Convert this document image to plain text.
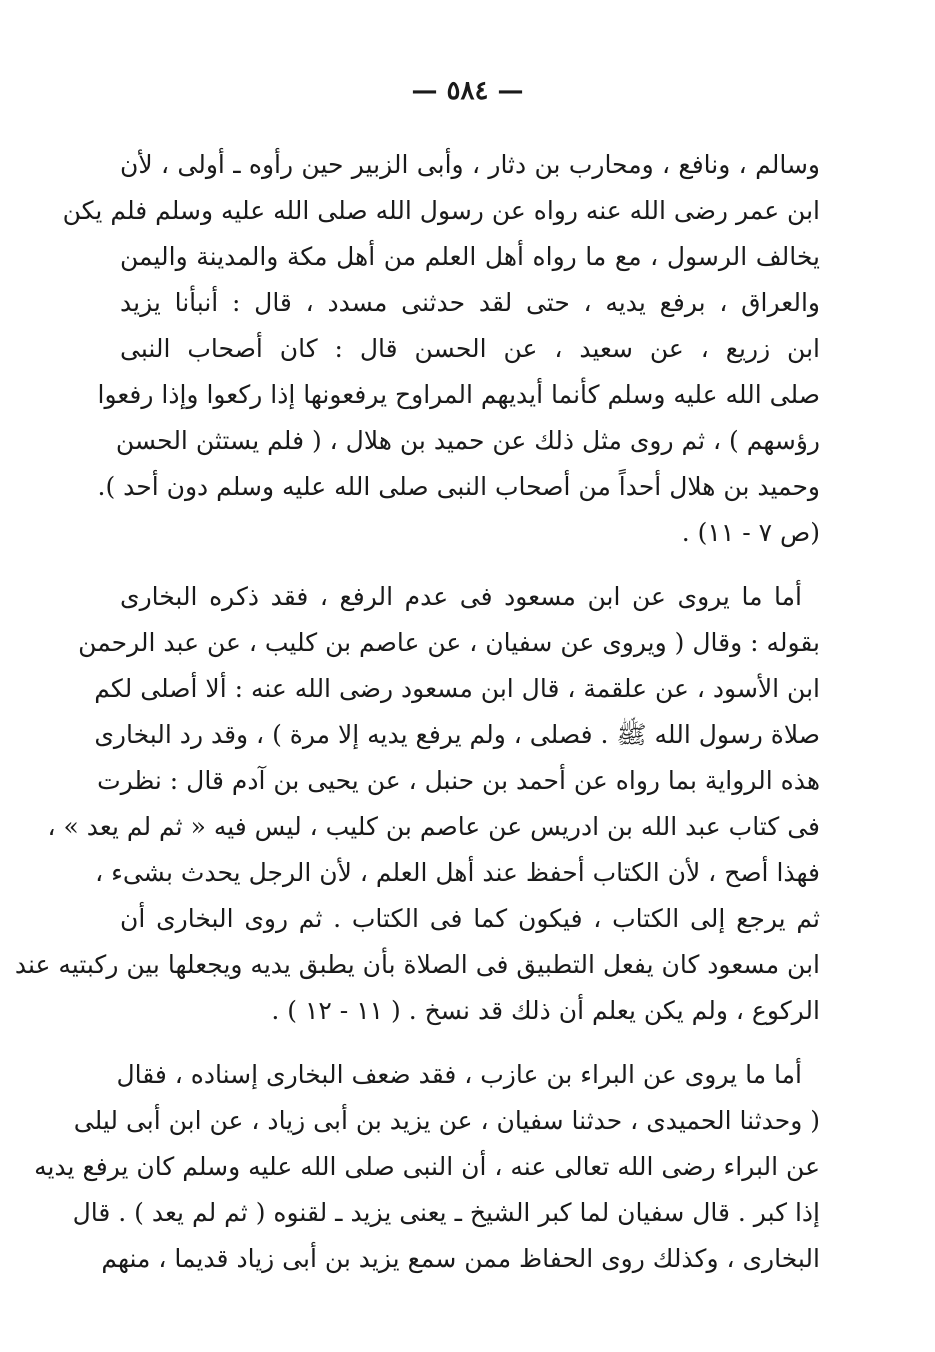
— ٥٨٤ —
وسالم ، ونافع ، ومحارب بن دثار ، وأبى الزبير حين رأوه ـ أولى ، لأن
ابن عمر رضى الله عنه رواه عن رسول الله صلى الله عليه وسلم فلم يكن
يخالف الرسول ، مع ما رواه أهل العلم من أهل مكة والمدينة واليمن
والعراق ، برفع يديه ، حتى لقد حدثنى مسدد ، قال : أنبأنا يزيد
ابن زريع ، عن سعيد ، عن الحسن قال : كان أصحاب النبى
صلى الله عليه وسلم كأنما أيديهم المراوح يرفعونها إذا ركعوا وإذا رفعوا
رؤسهم ) ، ثم روى مثل ذلك عن حميد بن هلال ، ( فلم يستثن الحسن
وحميد بن هلال أحداً من أصحاب النبى صلى الله عليه وسلم دون أحد ).
(ص ٧ - ١١) .
أما ما يروى عن ابن مسعود فى عدم الرفع ، فقد ذكره البخارى
بقوله : وقال ( ويروى عن سفيان ، عن عاصم بن كليب ، عن عبد الرحمن
ابن الأسود ، عن علقمة ، قال ابن مسعود رضى الله عنه : ألا أصلى لكم
صلاة رسول الله ﷺ . فصلى ، ولم يرفع يديه إلا مرة ) ، وقد رد البخارى
هذه الرواية بما رواه عن أحمد بن حنبل ، عن يحيى بن آدم قال : نظرت
فى كتاب عبد الله بن ادريس عن عاصم بن كليب ، ليس فيه « ثم لم يعد » ،
فهذا أصح ، لأن الكتاب أحفظ عند أهل العلم ، لأن الرجل يحدث بشىء ،
ثم يرجع إلى الكتاب ، فيكون كما فى الكتاب . ثم روى البخارى أن
ابن مسعود كان يفعل التطبيق فى الصلاة بأن يطبق يديه ويجعلها بين ركبتيه عند
الركوع ، ولم يكن يعلم أن ذلك قد نسخ . ( ١١ - ١٢ ) .
أما ما يروى عن البراء بن عازب ، فقد ضعف البخارى إسناده ، فقال
( وحدثنا الحميدى ، حدثنا سفيان ، عن يزيد بن أبى زياد ، عن ابن أبى ليلى
عن البراء رضى الله تعالى عنه ، أن النبى صلى الله عليه وسلم كان يرفع يديه
إذا كبر . قال سفيان لما كبر الشيخ ـ يعنى يزيد ـ لقنوه ( ثم لم يعد ) . قال
البخارى ، وكذلك روى الحفاظ ممن سمع يزيد بن أبى زياد قديما ، منهم
